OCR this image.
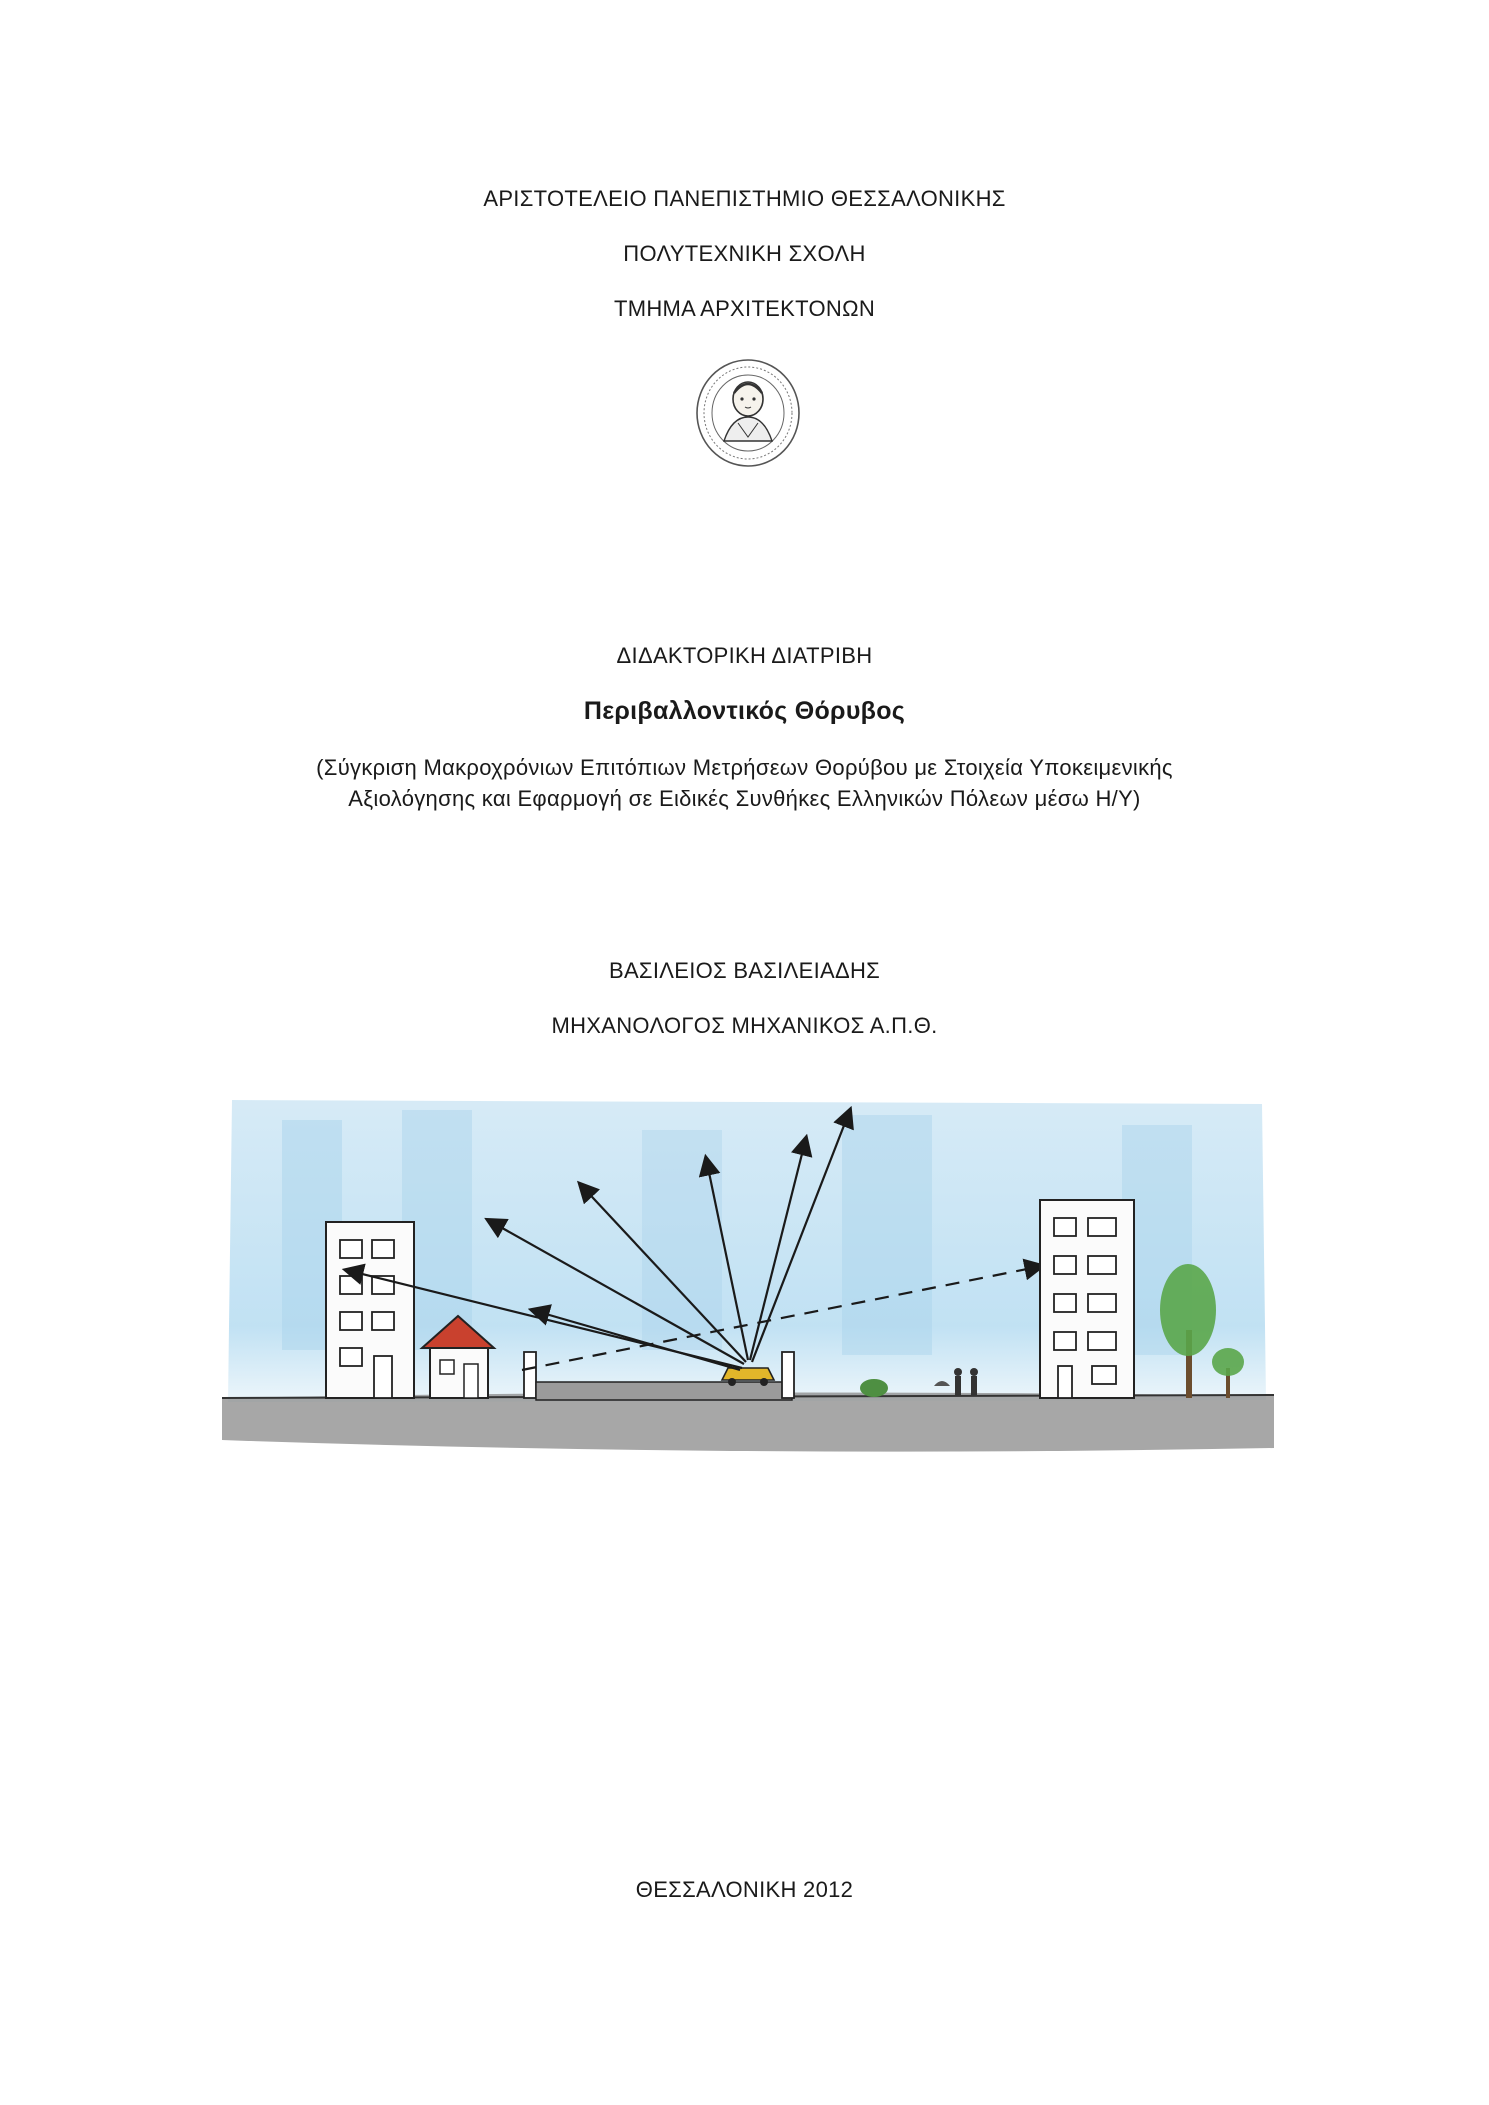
ΑΡΙΣΤΟΤΕΛΕΙΟ ΠΑΝΕΠΙΣΤΗΜΙΟ ΘΕΣΣΑΛΟΝΙΚΗΣ
ΠΟΛΥΤΕΧΝΙΚΗ ΣΧΟΛΗ
ΤΜΗΜΑ ΑΡΧΙΤΕΚΤΟΝΩΝ
ΔΙΔΑΚΤΟΡΙΚΗ ΔΙΑΤΡΙΒΗ
Περιβαλλοντικός Θόρυβος
(Σύγκριση Μακροχρόνιων Επιτόπιων Μετρήσεων Θορύβου με Στοιχεία Υποκειμενικής
Αξιολόγησης και Εφαρμογή σε Ειδικές Συνθήκες Ελληνικών Πόλεων μέσω Η/Υ)
ΒΑΣΙΛΕΙΟΣ ΒΑΣΙΛΕΙΑΔΗΣ
ΜΗΧΑΝΟΛΟΓΟΣ ΜΗΧΑΝΙΚΟΣ Α.Π.Θ.
ΘΕΣΣΑΛΟΝΙΚΗ 2012
